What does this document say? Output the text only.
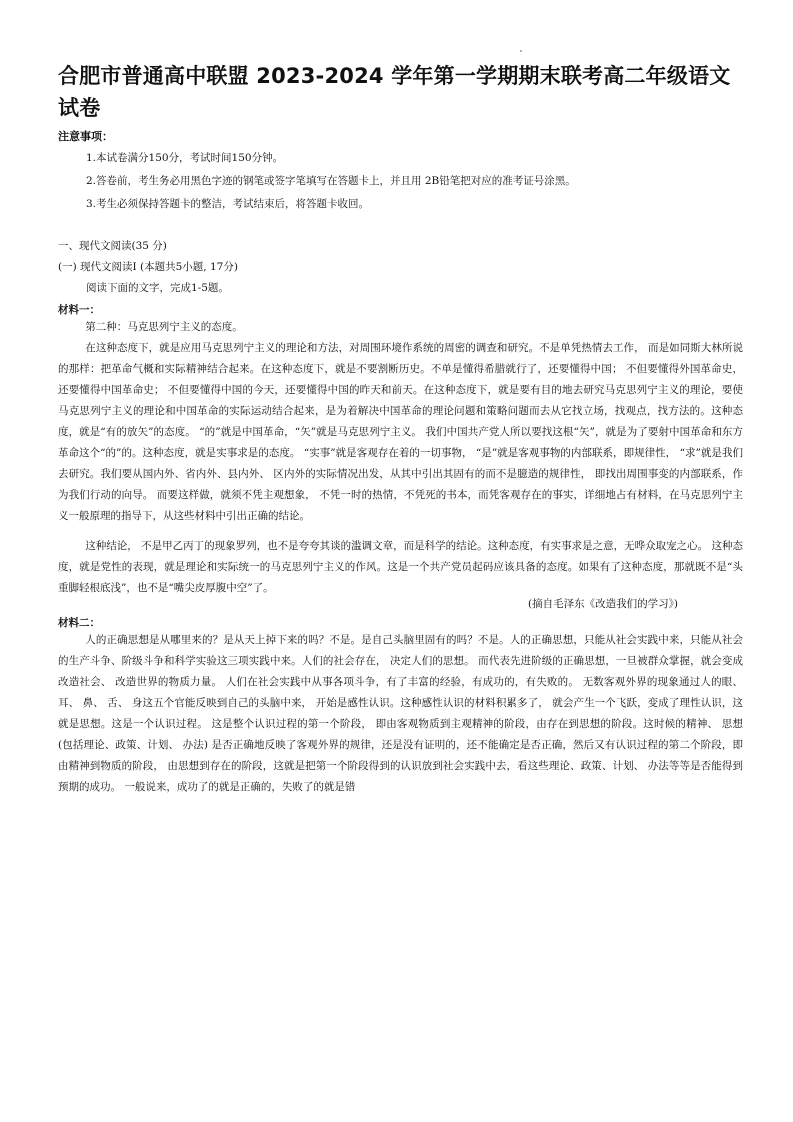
合肥市普通高中联盟 2023-2024 学年第一学期期末联考高二年级语文试卷
注意事项：
1.本试卷满分150分，考试时间150分钟。
2.答卷前，考生务必用黑色字迹的钢笔或签字笔填写在答题卡上，并且用 2B铅笔把对应的准考证号涂黑。
3.考生必须保持答题卡的整洁，考试结束后，将答题卡收回。
一、现代文阅读(35 分)
(一) 现代文阅读Ⅰ (本题共5小题, 17分)
阅读下面的文字，完成1-5题。
材料一：

第二种：马克思列宁主义的态度。

在这种态度下，就是应用马克思列宁主义的理论和方法，对周围环境作系统的周密的调查和研究。不是单凭热情去工作， 而是如同斯大林所说的那样：把革命气概和实际精神结合起来。在这种态度下，就是不要割断历史。不单是懂得希腊就行了，还要懂得中国； 不但要懂得外国革命史，还要懂得中国革命史； 不但要懂得中国的今天，还要懂得中国的昨天和前天。在这种态度下，就是要有目的地去研究马克思列宁主义的理论，要使马克思列宁主义的理论和中国革命的实际运动结合起来，是为着解决中国革命的理论问题和策略问题而去从它找立场，找观点，找方法的。这种态度，就是“有的放矢”的态度。 “的”就是中国革命，“矢”就是马克思列宁主义。 我们中国共产党人所以要找这根“矢”，就是为了要射中国革命和东方革命这个“的”的。这种态度，就是实事求是的态度。 “实事”就是客观存在着的一切事物， “是”就是客观事物的内部联系，即规律性， “求”就是我们去研究。我们要从国内外、省内外、县内外、 区内外的实际情况出发，从其中引出其固有的而不是臆造的规律性， 即找出周围事变的内部联系，作为我们行动的向导。 而要这样做，就须不凭主观想象， 不凭一时的热情，不凭死的书本，而凭客观存在的事实，详细地占有材料，在马克思列宁主义一般原理的指导下，从这些材料中引出正确的结论。

这种结论， 不是甲乙丙丁的现象罗列，也不是夸夸其谈的滥调文章，而是科学的结论。这种态度，有实事求是之意，无哗众取宠之心。 这种态度，就是党性的表现，就是理论和实际统一的马克思列宁主义的作风。这是一个共产党员起码应该具备的态度。如果有了这种态度，那就既不是“头重脚轻根底浅”，也不是“嘴尖皮厚腹中空”了。

(摘自毛泽东《改造我们的学习》)
材料二：

人的正确思想是从哪里来的？是从天上掉下来的吗？不是。是自己头脑里固有的吗？不是。人的正确思想，只能从社会实践中来，只能从社会的生产斗争、阶级斗争和科学实验这三项实践中来。人们的社会存在， 决定人们的思想。 而代表先进阶级的正确思想，一旦被群众掌握，就会变成改造社会、 改造世界的物质力量。 人们在社会实践中从事各项斗争，有了丰富的经验，有成功的，有失败的。 无数客观外界的现象通过人的眼、 耳、 鼻、 舌、 身这五个官能反映到自己的头脑中来， 开始是感性认识。这种感性认识的材料积累多了， 就会产生一个飞跃，变成了理性认识，这就是思想。这是一个认识过程。 这是整个认识过程的第一个阶段， 即由客观物质到主观精神的阶段，由存在到思想的阶段。这时候的精神、 思想(包括理论、政策、计划、 办法) 是否正确地反映了客观外界的规律，还是没有证明的，还不能确定是否正确，然后又有认识过程的第二个阶段，即由精神到物质的阶段， 由思想到存在的阶段，这就是把第一个阶段得到的认识放到社会实践中去，看这些理论、政策、计划、 办法等等是否能得到预期的成功。 一般说来，成功了的就是正确的，失败了的就是错
